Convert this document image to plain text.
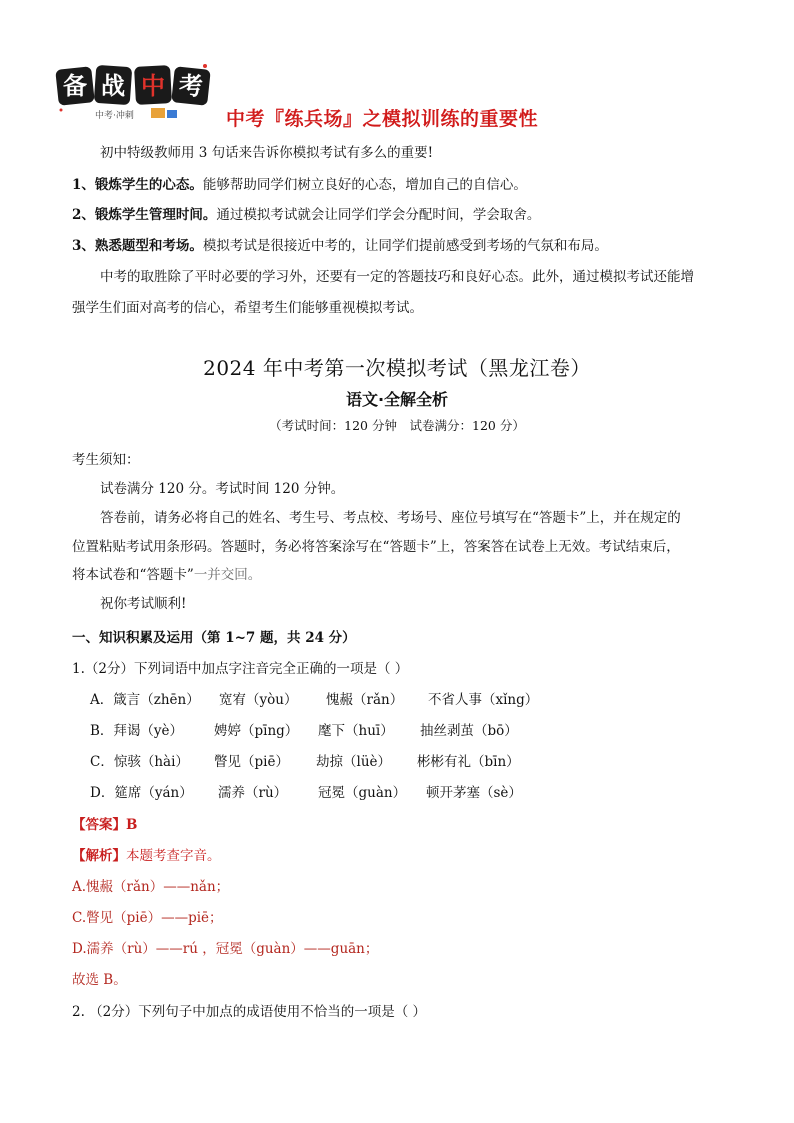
备 战 中 考
中考·冲刺	中考『练兵场』之模拟训练的重要性
初中特级教师用 3 句话来告诉你模拟考试有多么的重要!
1、锻炼学生的心态。能够帮助同学们树立良好的心态，增加自己的自信心。
2、锻炼学生管理时间。通过模拟考试就会让同学们学会分配时间，学会取舍。
3、熟悉题型和考场。模拟考试是很接近中考的，让同学们提前感受到考场的气氛和布局。
中考的取胜除了平时必要的学习外，还要有一定的答题技巧和良好心态。此外，通过模拟考试还能增
强学生们面对高考的信心，希望考生们能够重视模拟考试。
2024 年中考第一次模拟考试（黑龙江卷）
语文·全解全析
（考试时间：120 分钟　试卷满分：120 分）
考生须知：
试卷满分 120 分。考试时间 120 分钟。
答卷前，请务必将自己的姓名、考生号、考点校、考场号、座位号填写在“答题卡”上，并在规定的
位置粘贴考试用条形码。答题时，务必将答案涂写在“答题卡”上，答案答在试卷上无效。考试结束后，
将本试卷和“答题卡”一并交回。
祝你考试顺利!
一、知识积累及运用（第 1~7 题，共 24 分）
1.（2分）下列词语中加点字注音完全正确的一项是（ ）
A．箴言（zhēn） 宽宥（yòu） 愧赧（rǎn） 不省人事（xǐng）
B．拜谒（yè） 娉婷（pīng） 麾下（huī） 抽丝剥茧（bō）
C．惊骇（hài） 瞥见（piē） 劫掠（lüè） 彬彬有礼（bīn）
D．筵席（yán） 濡养（rù） 冠冕（guàn） 顿开茅塞（sè）
【答案】B
【解析】本题考查字音。
A.愧赧（rǎn）——nǎn；
C.瞥见（piē）——piē；
D.濡养（rù）——rú ，冠冕（guàn）——guān；
故选 B。
2. （2分）下列句子中加点的成语使用不恰当的一项是（ ）
